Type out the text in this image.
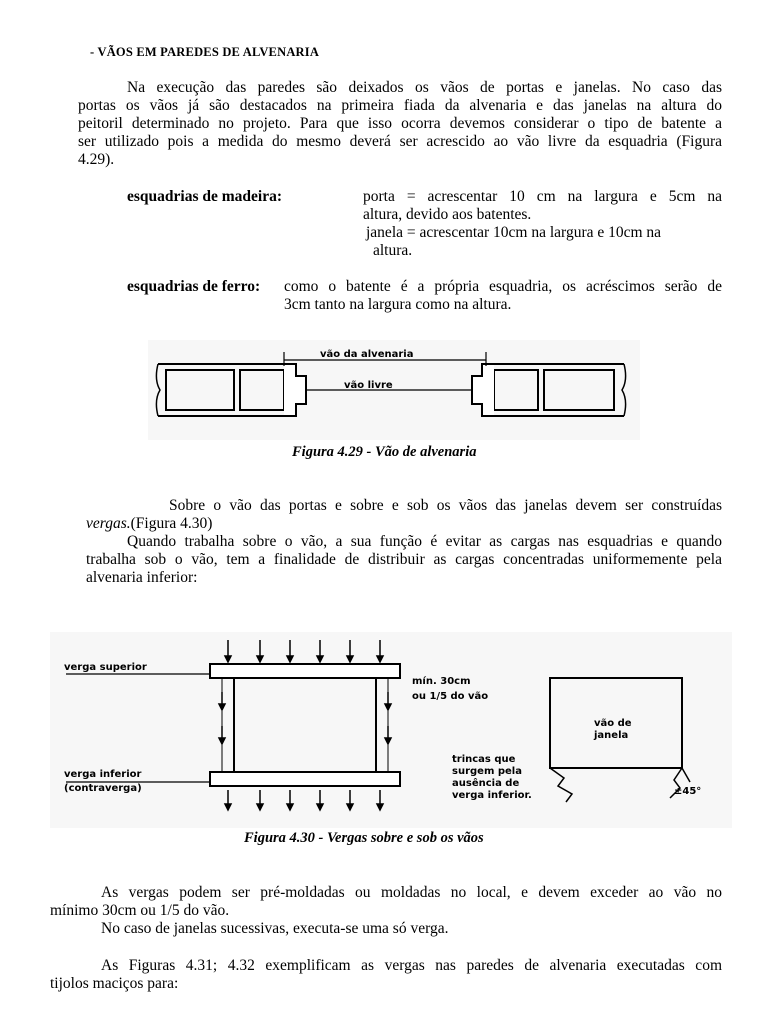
- VÃOS EM PAREDES DE ALVENARIA
Na execução das paredes são deixados os vãos de portas e janelas. No caso das
portas os vãos já são destacados na primeira fiada da alvenaria e das janelas na altura do
peitoril determinado no projeto. Para que isso ocorra devemos considerar o tipo de batente a
ser utilizado pois a medida do mesmo deverá ser acrescido ao vão livre da esquadria (Figura
4.29).
esquadrias de madeira:	porta = acrescentar 10 cm na largura e 5cm na
altura, devido aos batentes.
janela = acrescentar 10cm na largura e 10cm na
altura.
esquadrias de ferro: como o batente é a própria esquadria, os acréscimos serão de
3cm tanto na largura como na altura.
vão da alvenaria
vão livre
Figura 4.29 - Vão de alvenaria
Sobre o vão das portas e sobre e sob os vãos das janelas devem ser construídas
vergas.(Figura 4.30)
Quando trabalha sobre o vão, a sua função é evitar as cargas nas esquadrias e quando
trabalha sob o vão, tem a finalidade de distribuir as cargas concentradas uniformemente pela
alvenaria inferior:
verga superior
verga inferior
(contraverga)
mín. 30cm
ou 1/5 do vão
vão de
janela
trincas que
surgem pela
ausência de
verga inferior.	±45°
Figura 4.30 - Vergas sobre e sob os vãos
As vergas podem ser pré-moldadas ou moldadas no local, e devem exceder ao vão no
mínimo 30cm ou 1/5 do vão.
No caso de janelas sucessivas, executa-se uma só verga.
As Figuras 4.31; 4.32 exemplificam as vergas nas paredes de alvenaria executadas com
tijolos maciços para:
